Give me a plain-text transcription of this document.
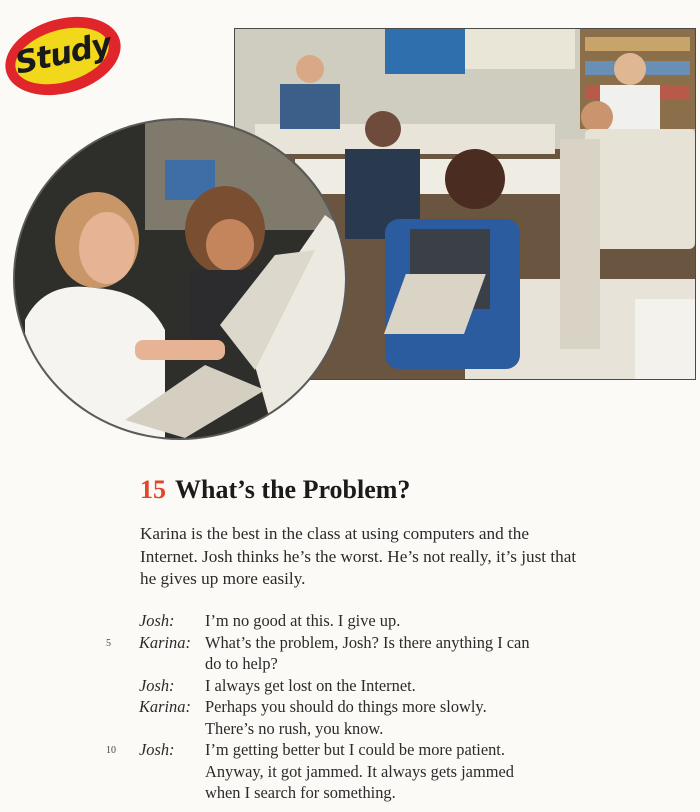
Study
15 What’s the Problem?

Karina is the best in the class at using computers and the Internet. Josh thinks he’s the worst. He’s not really, it’s just that he gives up more easily.

Josh: I’m no good at this. I give up.
5	Karina: What’s the problem, Josh? Is there anything I can
do to help?
Josh: I always get lost on the Internet.
Karina: Perhaps you should do things more slowly.
There’s no rush, you know.
10	Josh: I’m getting better but I could be more patient.
Anyway, it got jammed. It always gets jammed
when I search for something.
